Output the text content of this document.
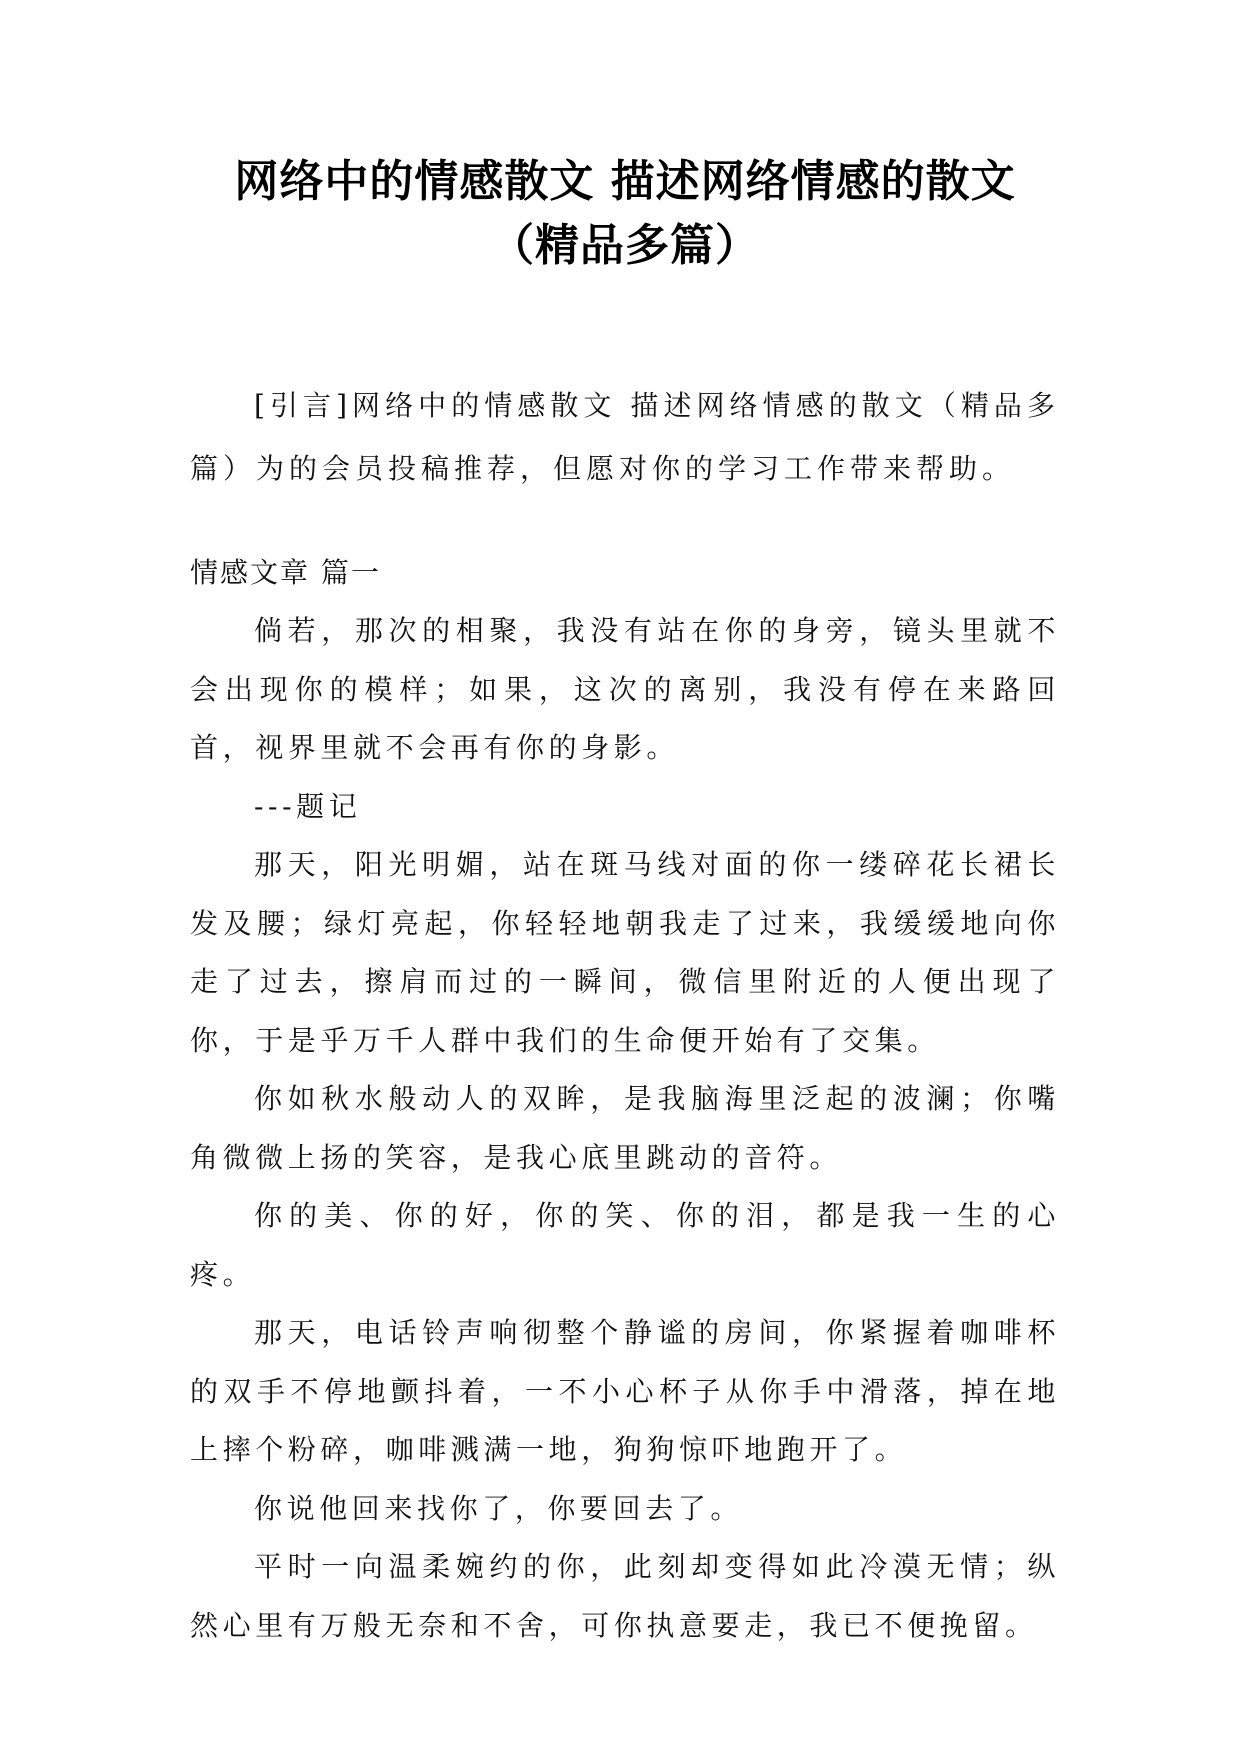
网络中的情感散文 描述网络情感的散文（精品多篇）

[引言]网络中的情感散文 描述网络情感的散文（精品多篇）为的会员投稿推荐，但愿对你的学习工作带来帮助。

情感文章 篇一

倘若，那次的相聚，我没有站在你的身旁，镜头里就不会出现你的模样；如果，这次的离别，我没有停在来路回首，视界里就不会再有你的身影。

---题记

那天，阳光明媚，站在斑马线对面的你一缕碎花长裙长发及腰；绿灯亮起，你轻轻地朝我走了过来，我缓缓地向你走了过去，擦肩而过的一瞬间，微信里附近的人便出现了你，于是乎万千人群中我们的生命便开始有了交集。

你如秋水般动人的双眸，是我脑海里泛起的波澜；你嘴角微微上扬的笑容，是我心底里跳动的音符。

你的美、你的好，你的笑、你的泪，都是我一生的心疼。

那天，电话铃声响彻整个静谧的房间，你紧握着咖啡杯的双手不停地颤抖着，一不小心杯子从你手中滑落，掉在地上摔个粉碎，咖啡溅满一地，狗狗惊吓地跑开了。

你说他回来找你了，你要回去了。

平时一向温柔婉约的你，此刻却变得如此冷漠无情；纵然心里有万般无奈和不舍，可你执意要走，我已不便挽留。
